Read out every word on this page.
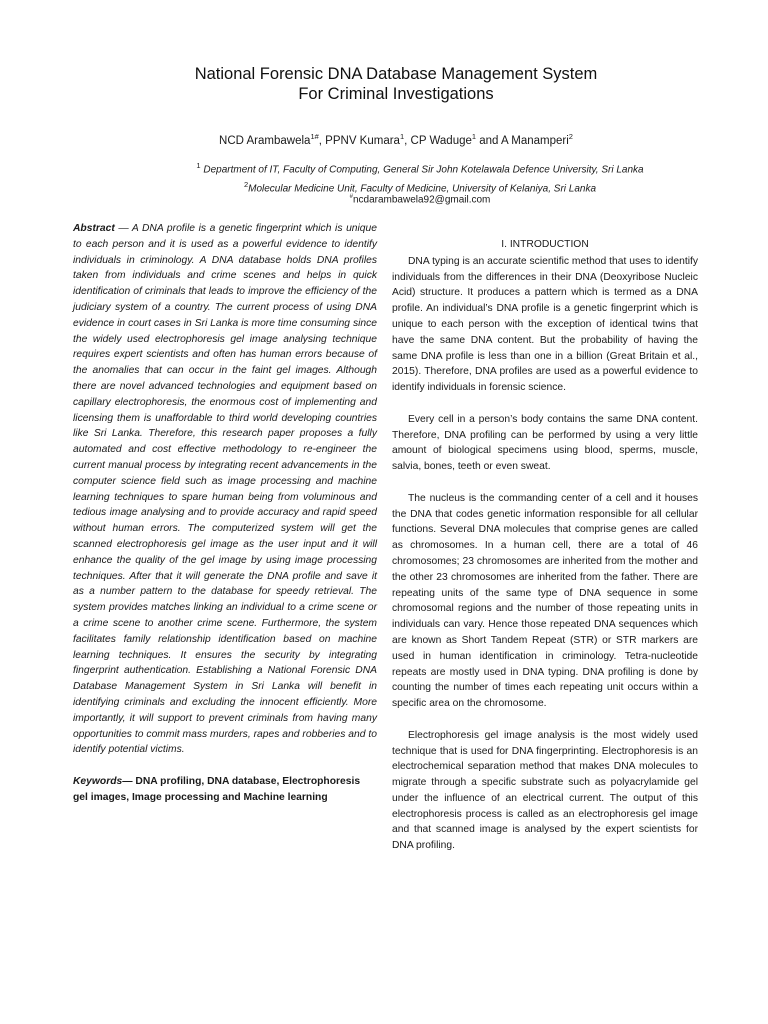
National Forensic DNA Database Management System
For Criminal Investigations
NCD Arambawela$^{1\#}$, PPNV Kumara$^1$, CP Waduge$^1$ and A Manamperi$^2$
$^1$ Department of IT, Faculty of Computing, General Sir John Kotelawala Defence University, Sri Lanka
$^2$Molecular Medicine Unit, Faculty of Medicine, University of Kelaniya, Sri Lanka
#ncdarambawela92@gmail.com

Abstract — A DNA profile is a genetic fingerprint which is unique to each person and it is used as a powerful evidence to identify individuals in criminology. A DNA database holds DNA profiles taken from individuals and crime scenes and helps in quick identification of criminals that leads to improve the efficiency of the judiciary system of a country. The current process of using DNA evidence in court cases in Sri Lanka is more time consuming since the widely used electrophoresis gel image analysing technique requires expert scientists and often has human errors because of the anomalies that can occur in the faint gel images. Although there are novel advanced technologies and equipment based on capillary electrophoresis, the enormous cost of implementing and licensing them is unaffordable to third world developing countries like Sri Lanka. Therefore, this research paper proposes a fully automated and cost effective methodology to re-engineer the current manual process by integrating recent advancements in the computer science field such as image processing and machine learning techniques to spare human being from voluminous and tedious image analysing and to provide accuracy and rapid speed without human errors. The computerized system will get the scanned electrophoresis gel image as the user input and it will enhance the quality of the gel image by using image processing techniques. After that it will generate the DNA profile and save it as a number pattern to the database for speedy retrieval. The system provides matches linking an individual to a crime scene or a crime scene to another crime scene. Furthermore, the system facilitates family relationship identification based on machine learning techniques. It ensures the security by integrating fingerprint authentication. Establishing a National Forensic DNA Database Management System in Sri Lanka will benefit in identifying criminals and excluding the innocent efficiently. More importantly, it will support to prevent criminals from having many opportunities to commit mass murders, rapes and robberies and to identify potential victims.

Keywords— DNA profiling, DNA database, Electrophoresis gel images, Image processing and Machine learning

I. INTRODUCTION

DNA typing is an accurate scientific method that uses to identify individuals from the differences in their DNA (Deoxyribose Nucleic Acid) structure. It produces a pattern which is termed as a DNA profile. An individual’s DNA profile is a genetic fingerprint which is unique to each person with the exception of identical twins that have the same DNA content. But the probability of having the same DNA profile is less than one in a billion (Great Britain et al., 2015). Therefore, DNA profiles are used as a powerful evidence to identify individuals in forensic science.

Every cell in a person’s body contains the same DNA content. Therefore, DNA profiling can be performed by using a very little amount of biological specimens using blood, sperms, muscle, salvia, bones, teeth or even sweat.

The nucleus is the commanding center of a cell and it houses the DNA that codes genetic information responsible for all cellular functions. Several DNA molecules that comprise genes are called as chromosomes. In a human cell, there are a total of 46 chromosomes; 23 chromosomes are inherited from the mother and the other 23 chromosomes are inherited from the father. There are repeating units of the same type of DNA sequence in some chromosomal regions and the number of those repeating units in individuals can vary. Hence those repeated DNA sequences which are known as Short Tandem Repeat (STR) or STR markers are used in human identification in criminology. Tetra-nucleotide repeats are mostly used in DNA typing. DNA profiling is done by counting the number of times each repeating unit occurs within a specific area on the chromosome.

Electrophoresis gel image analysis is the most widely used technique that is used for DNA fingerprinting. Electrophoresis is an electrochemical separation method that makes DNA molecules to migrate through a specific substrate such as polyacrylamide gel under the influence of an electrical current. The output of this electrophoresis process is called as an electrophoresis gel image and that scanned image is analysed by the expert scientists for DNA profiling.
